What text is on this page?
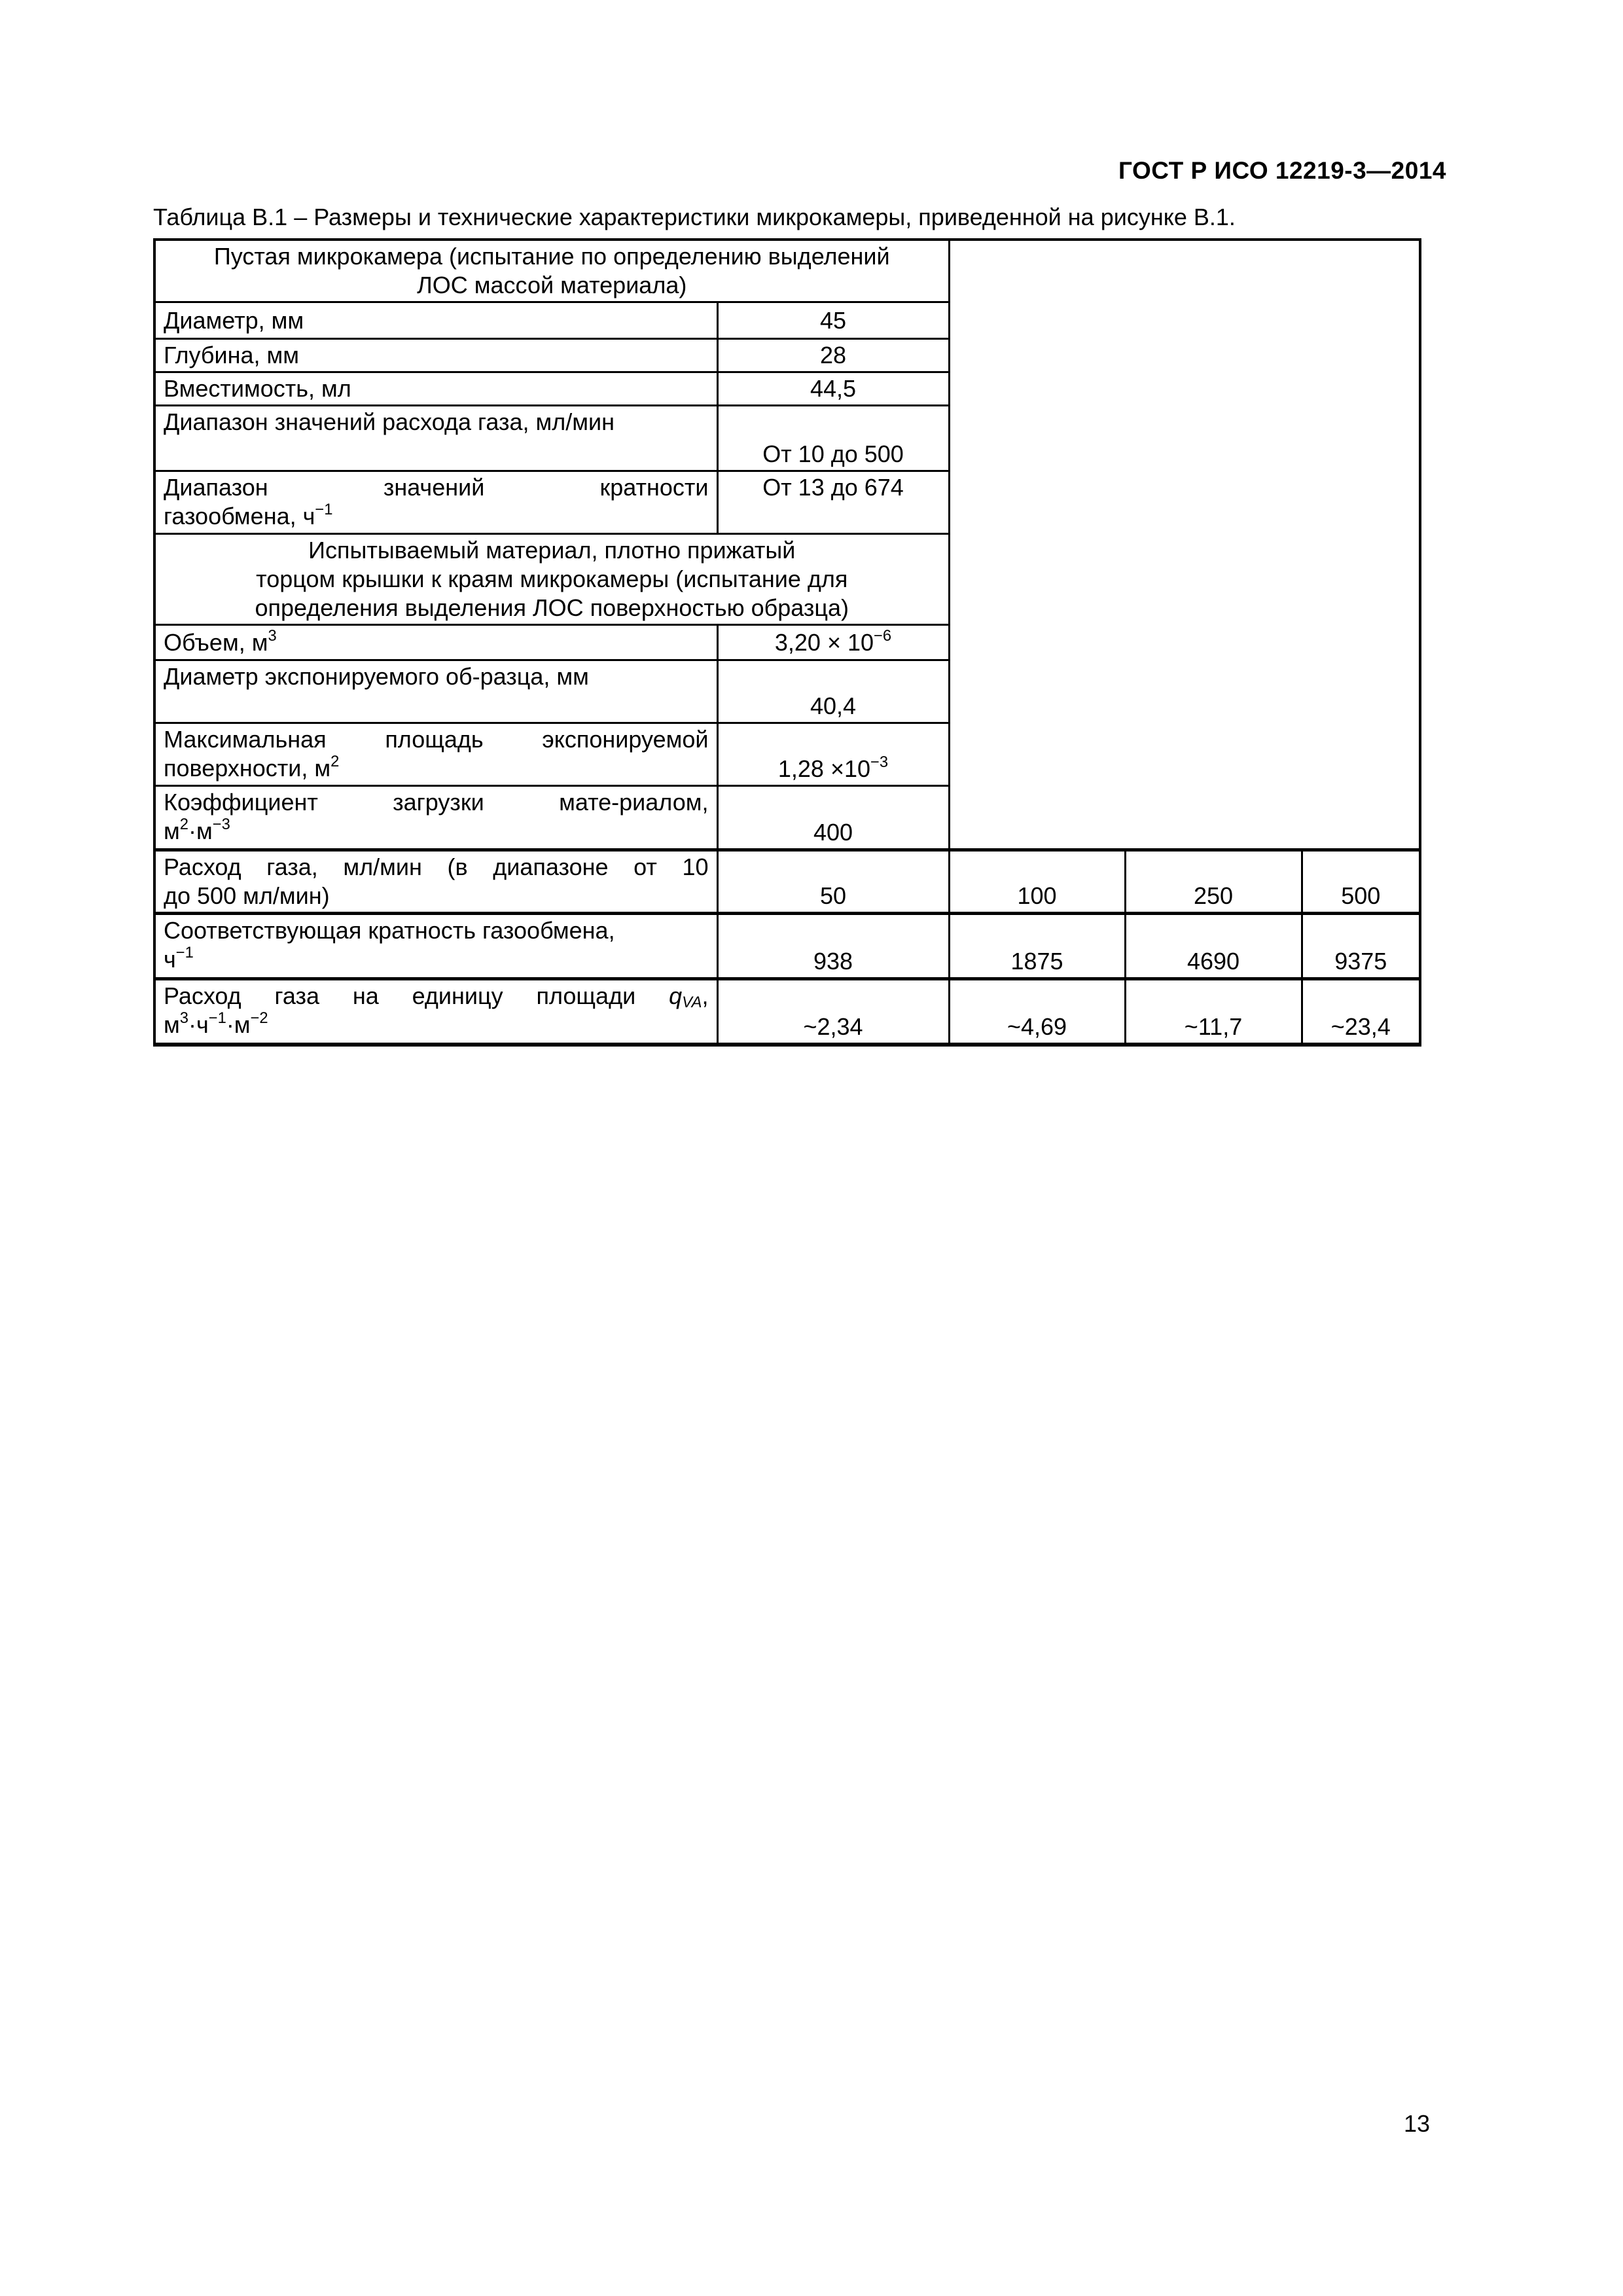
ГОСТ Р ИСО 12219-3—2014
Таблица В.1 – Размеры и технические характеристики микрокамеры, приведенной на рисунке В.1.
Пустая микрокамера (испытание по определению выделений
ЛОС массой материала)				

Диаметр, мм	45			
Глубина, мм	28			
Вместимость, мл	44,5			
Диапазон значений расхода газа, мл/мин	От 10 до 500			

Диапазон значений кратности
газообмена, $ч^{-1}$	От 13 до 674			

Испытываемый материал, плотно прижатый
торцом крышки к краям микрокамеры (испытание для
определения выделения ЛОС поверхностью образца)				

Объем, $м^3$	$3,20 \times 10^{-6}$
Диаметр экспонируемого об-разца, мм	40,4			

Максимальная площадь экспонируемой
поверхности, $м^2$	$1,28 \times 10^{-3}$

Коэффициент загрузки мате-риалом,
$м^2\cdot м^{-3}$	400			

Расход газа, мл/мин (в диапазоне от 10
до 500 мл/мин)	50	100	250	500

Соответствующая кратность газообмена,
$ч^{-1}$	938	1875	4690	9375

Расход газа на единицу площади $q_{VA}$,
$м^3\cdot ч^{-1}\cdot м^{-2}$	~2,34	~4,69	~11,7	~23,4
13
